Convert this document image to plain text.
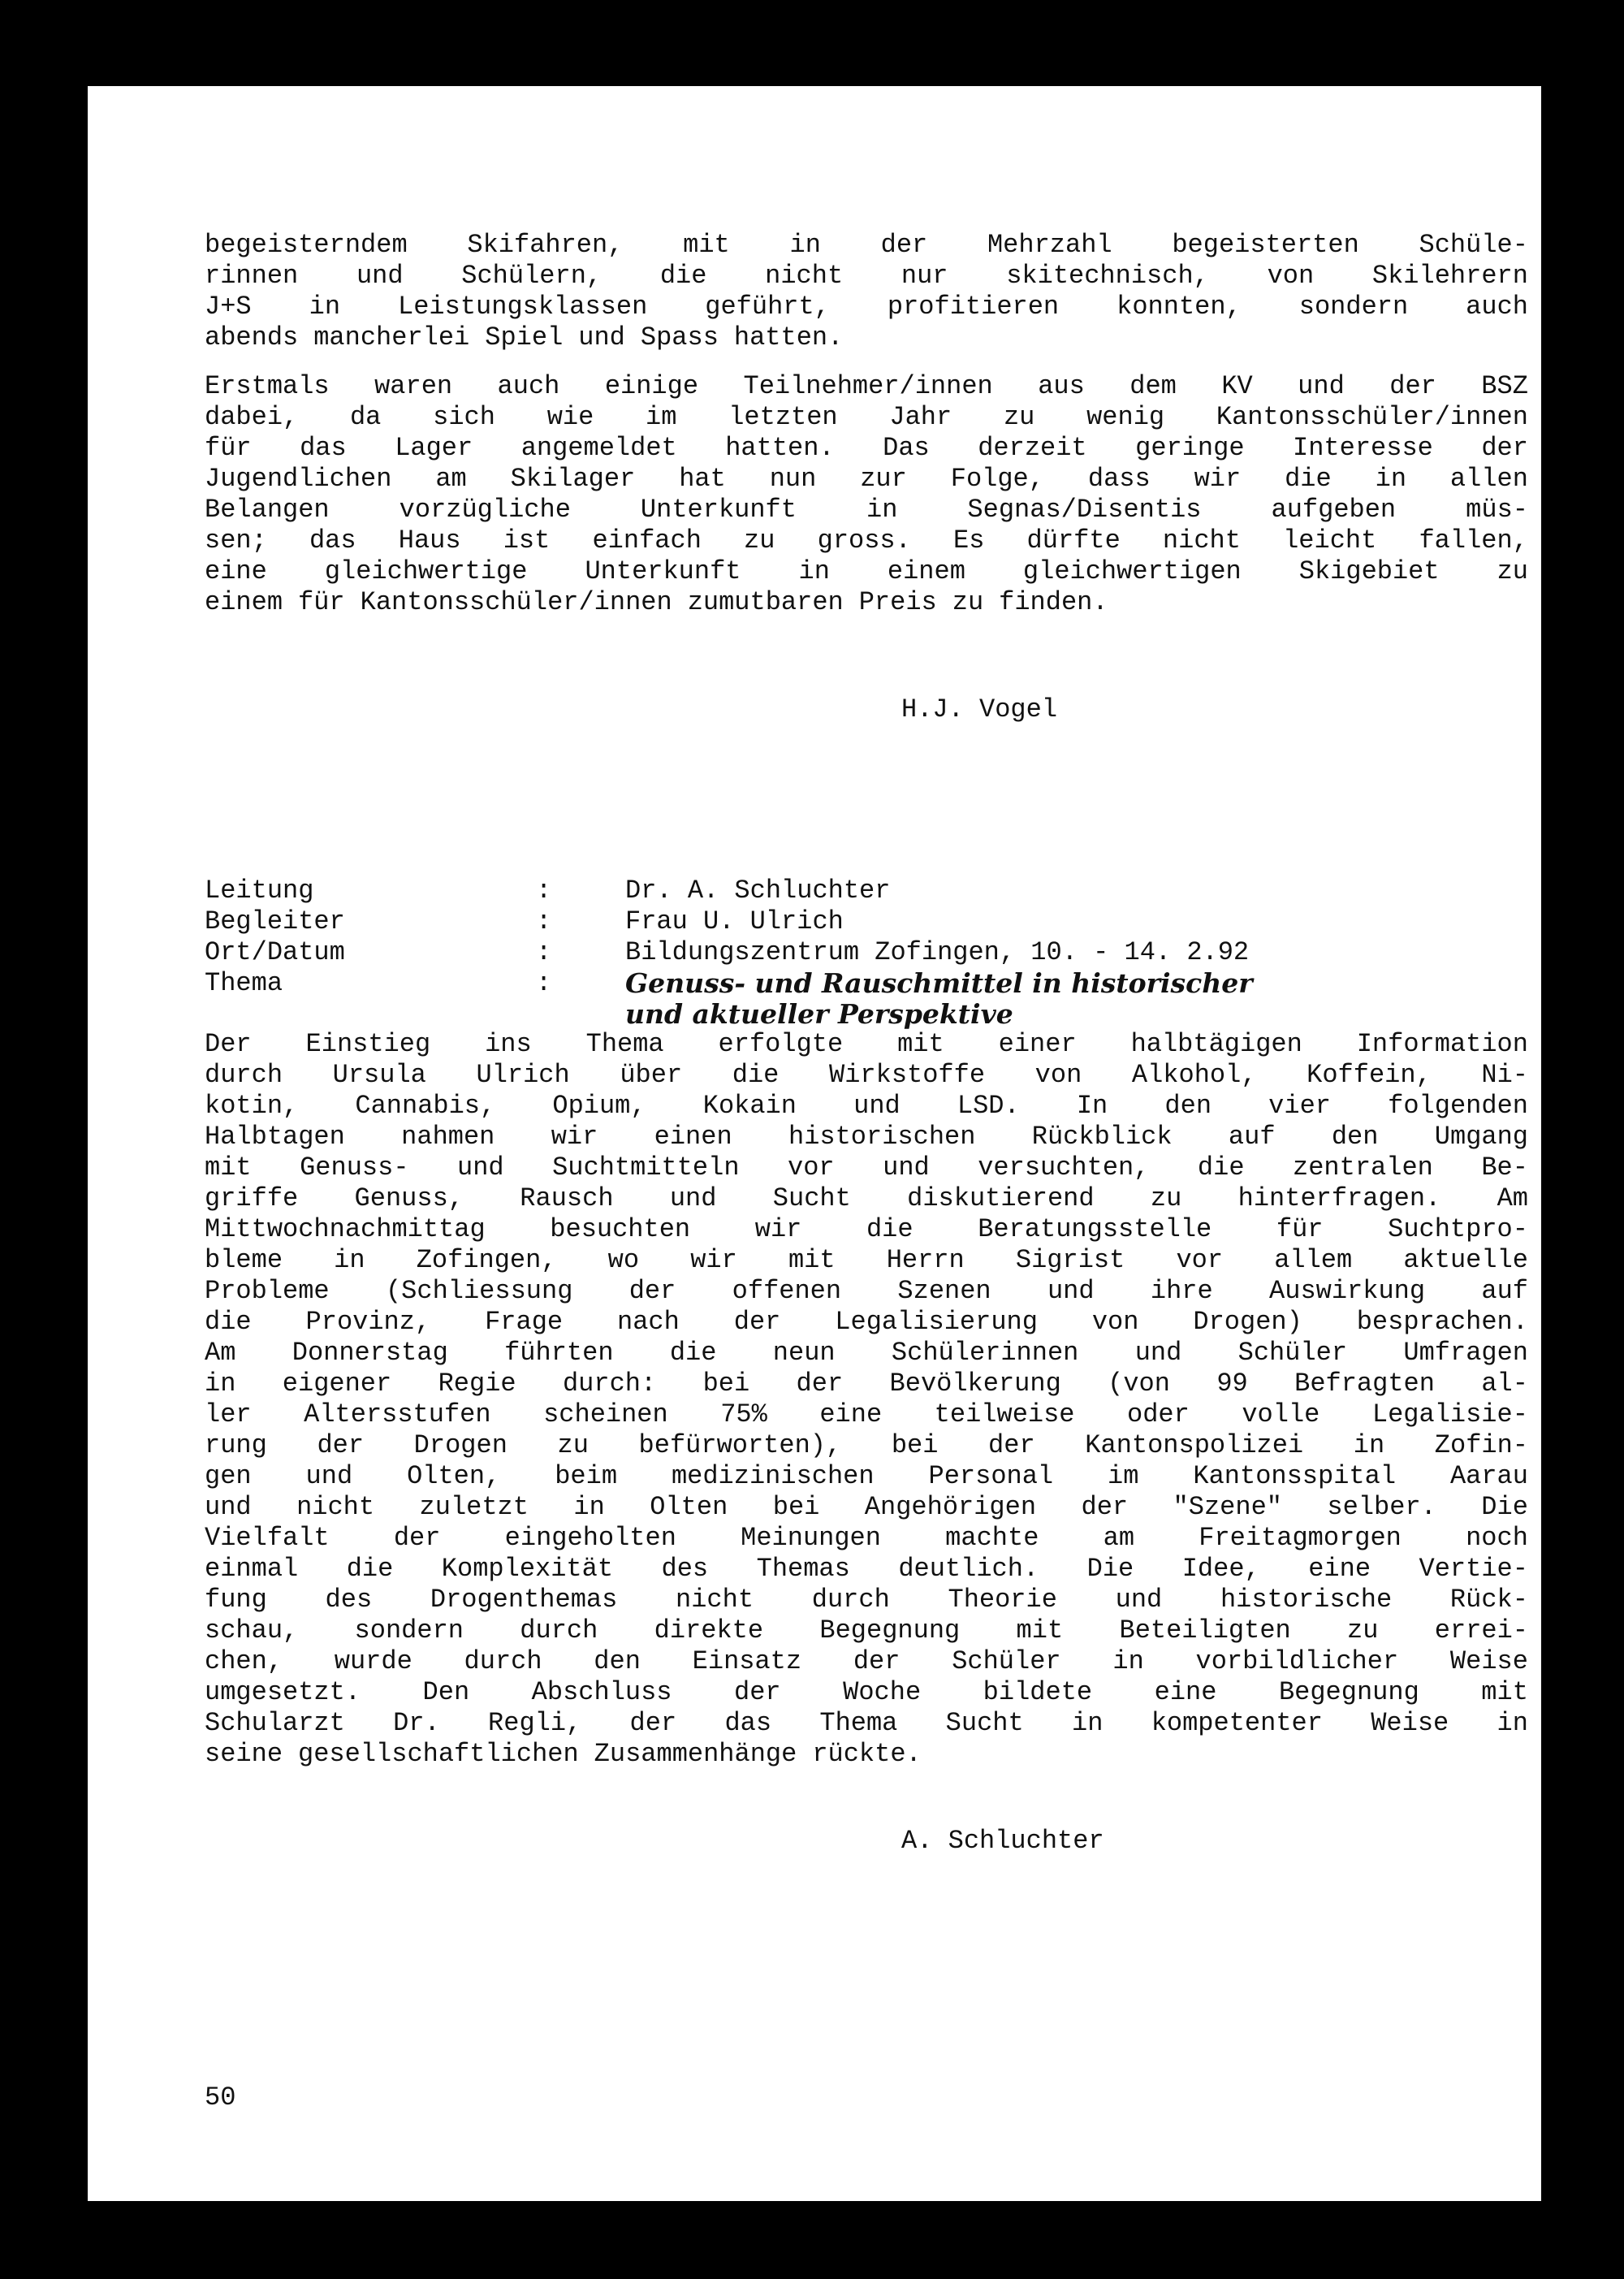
begeisterndem Skifahren, mit in der Mehrzahl begeisterten Schüle-
rinnen und Schülern, die nicht nur skitechnisch, von Skilehrern
J+S in Leistungsklassen geführt, profitieren konnten, sondern auch
abends mancherlei Spiel und Spass hatten.
Erstmals waren auch einige Teilnehmer/innen aus dem KV und der BSZ
dabei, da sich wie im letzten Jahr zu wenig Kantonsschüler/innen
für das Lager angemeldet hatten. Das derzeit geringe Interesse der
Jugendlichen am Skilager hat nun zur Folge, dass wir die in allen
Belangen	vorzügliche	Unterkunft	in	Segnas/Disentis	aufgeben	müs-
sen; das Haus ist einfach zu gross. Es dürfte nicht leicht fallen,
eine gleichwertige Unterkunft in einem gleichwertigen Skigebiet zu
einem für Kantonsschüler/innen zumutbaren Preis zu finden.
H.J. Vogel
Leitung	:	Dr. A. Schluchter
Begleiter	:	Frau U. Ulrich
Ort/Datum	:	Bildungszentrum Zofingen, 10. - 14. 2.92
Thema	:	Genuss- und Rauschmittel in historischer
und aktueller Perspektive
Der Einstieg ins Thema erfolgte mit einer halbtägigen Information
durch Ursula Ulrich über die Wirkstoffe von Alkohol, Koffein, Ni-
kotin, Cannabis, Opium, Kokain und LSD. In den vier folgenden
Halbtagen nahmen wir einen historischen Rückblick auf den Umgang
mit Genuss- und Suchtmitteln vor und versuchten, die zentralen Be-
griffe Genuss, Rausch und Sucht diskutierend zu hinterfragen. Am
Mittwochnachmittag besuchten wir die Beratungsstelle für Suchtpro-
bleme in Zofingen, wo wir mit Herrn Sigrist vor allem aktuelle
Probleme (Schliessung der offenen Szenen und ihre Auswirkung auf
die Provinz, Frage nach der Legalisierung von Drogen) besprachen.
Am Donnerstag führten die neun Schülerinnen und Schüler Umfragen
in eigener Regie durch: bei der Bevölkerung (von 99 Befragten al-
ler Altersstufen scheinen 75% eine teilweise oder volle Legalisie-
rung der Drogen zu befürworten), bei der Kantonspolizei in Zofin-
gen und Olten, beim medizinischen Personal im Kantonsspital Aarau
und nicht zuletzt in Olten bei Angehörigen der "Szene" selber. Die
Vielfalt der eingeholten Meinungen machte am Freitagmorgen noch
einmal die Komplexität des Themas deutlich. Die Idee, eine Vertie-
fung des Drogenthemas nicht durch Theorie und historische Rück-
schau, sondern durch direkte Begegnung mit Beteiligten zu errei-
chen, wurde durch den Einsatz der Schüler in vorbildlicher Weise
umgesetzt. Den Abschluss der Woche bildete eine Begegnung mit
Schularzt Dr. Regli, der das Thema Sucht in kompetenter Weise in
seine gesellschaftlichen Zusammenhänge rückte.
A. Schluchter
50
